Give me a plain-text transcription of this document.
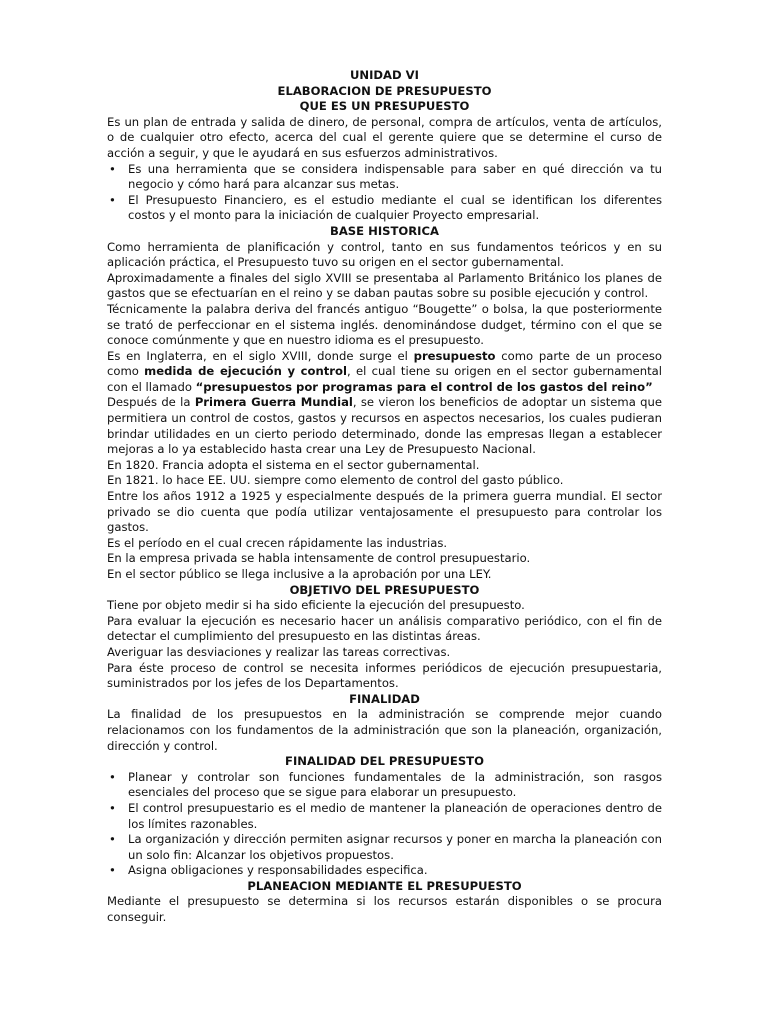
UNIDAD VI
ELABORACION DE PRESUPUESTO
QUE ES UN PRESUPUESTO

Es un plan de entrada y salida de dinero, de personal, compra de artículos, venta de artículos, o de cualquier otro efecto, acerca del cual el gerente quiere que se determine el curso de acción a seguir, y que le ayudará en sus esfuerzos administrativos.

• Es una herramienta que se considera indispensable para saber en qué dirección va tu negocio y cómo hará para alcanzar sus metas.
• El Presupuesto Financiero, es el estudio mediante el cual se identifican los diferentes costos y el monto para la iniciación de cualquier Proyecto empresarial.
BASE HISTORICA

Como herramienta de planificación y control, tanto en sus fundamentos teóricos y en su aplicación práctica, el Presupuesto tuvo su origen en el sector gubernamental.

Aproximadamente a finales del siglo XVIII se presentaba al Parlamento Británico los planes de gastos que se efectuarían en el reino y se daban pautas sobre su posible ejecución y control.

Técnicamente la palabra deriva del francés antiguo “Bougette” o bolsa, la que posteriormente se trató de perfeccionar en el sistema inglés. denominándose dudget, término con el que se conoce comúnmente y que en nuestro idioma es el presupuesto.

Es en Inglaterra, en el siglo XVIII, donde surge el presupuesto como parte de un proceso como medida de ejecución y control, el cual tiene su origen en el sector gubernamental con el llamado “presupuestos por programas para el control de los gastos del reino”

Después de la Primera Guerra Mundial, se vieron los beneficios de adoptar un sistema que permitiera un control de costos, gastos y recursos en aspectos necesarios, los cuales pudieran brindar utilidades en un cierto periodo determinado, donde las empresas llegan a establecer mejoras a lo ya establecido hasta crear una Ley de Presupuesto Nacional.

En 1820. Francia adopta el sistema en el sector gubernamental.

En 1821. lo hace EE. UU. siempre como elemento de control del gasto público.

Entre los años 1912 a 1925 y especialmente después de la primera guerra mundial. El sector privado se dio cuenta que podía utilizar ventajosamente el presupuesto para controlar los gastos.

Es el período en el cual crecen rápidamente las industrias.

En la empresa privada se habla intensamente de control presupuestario.

En el sector público se llega inclusive a la aprobación por una LEY.

OBJETIVO DEL PRESUPUESTO

Tiene por objeto medir si ha sido eficiente la ejecución del presupuesto.

Para evaluar la ejecución es necesario hacer un análisis comparativo periódico, con el fin de detectar el cumplimiento del presupuesto en las distintas áreas.

Averiguar las desviaciones y realizar las tareas correctivas.

Para éste proceso de control se necesita informes periódicos de ejecución presupuestaria, suministrados por los jefes de los Departamentos.

FINALIDAD

La finalidad de los presupuestos en la administración se comprende mejor cuando relacionamos con los fundamentos de la administración que son la planeación, organización, dirección y control.

FINALIDAD DEL PRESUPUESTO
• Planear y controlar son funciones fundamentales de la administración, son rasgos esenciales del proceso que se sigue para elaborar un presupuesto.
• El control presupuestario es el medio de mantener la planeación de operaciones dentro de los límites razonables.
• La organización y dirección permiten asignar recursos y poner en marcha la planeación con un solo fin: Alcanzar los objetivos propuestos.
• Asigna obligaciones y responsabilidades especifica.
PLANEACION MEDIANTE EL PRESUPUESTO

Mediante el presupuesto se determina si los recursos estarán disponibles o se procura conseguir.
